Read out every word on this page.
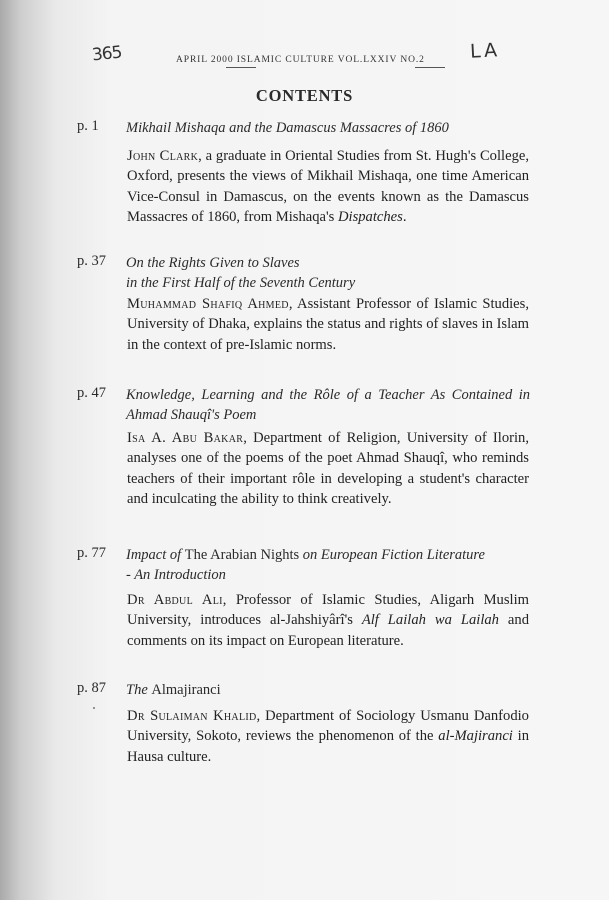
365	LA
APRIL 2000 ISLAMIC CULTURE VOL.LXXIV NO.2
CONTENTS
p. 1 Mikhail Mishaqa and the Damascus Massacres of 1860
John Clark, a graduate in Oriental Studies from St. Hugh's College, Oxford, presents the views of Mikhail Mishaqa, one time American Vice-Consul in Damascus, on the events known as the Damascus Massacres of 1860, from Mishaqa's Dispatches.
p. 37 On the Rights Given to Slaves
in the First Half of the Seventh Century
Muhammad Shafiq Ahmed, Assistant Professor of Islamic Studies, University of Dhaka, explains the status and rights of slaves in Islam in the context of pre-Islamic norms.
p. 47 Knowledge, Learning and the Rôle of a Teacher As Contained in Ahmad Shauqî's Poem
Isa A. Abu Bakar, Department of Religion, University of Ilorin, analyses one of the poems of the poet Ahmad Shauqî, who reminds teachers of their important rôle in developing a student's character and inculcating the ability to think creatively.
p. 77 Impact of The Arabian Nights on European Fiction Literature - An Introduction
Dr Abdul Ali, Professor of Islamic Studies, Aligarh Muslim University, introduces al-Jahshiyârî's Alf Lailah wa Lailah and comments on its impact on European literature.
p. 87 The Almajiranci
Dr Sulaiman Khalid, Department of Sociology Usmanu Danfodio University, Sokoto, reviews the phenomenon of the al-Majiranci in Hausa culture.
